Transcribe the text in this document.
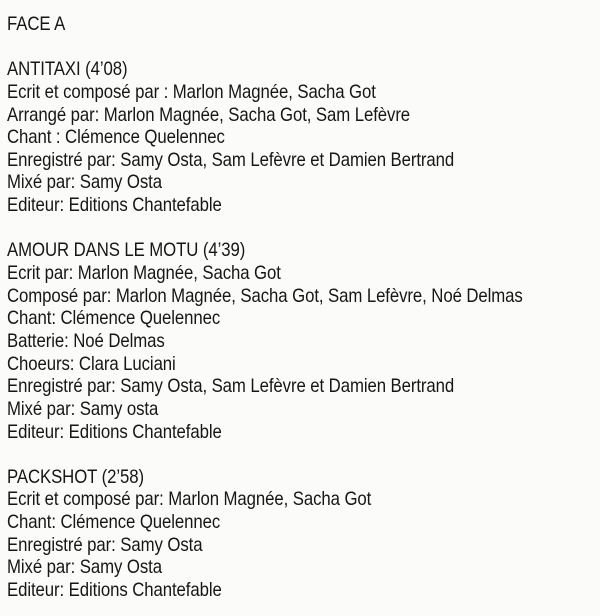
FACE A
ANTITAXI (4’08)
Ecrit et composé par : Marlon Magnée, Sacha Got
Arrangé par: Marlon Magnée, Sacha Got, Sam Lefèvre
Chant : Clémence Quelennec
Enregistré par: Samy Osta, Sam Lefèvre et Damien Bertrand
Mixé par: Samy Osta
Editeur: Editions Chantefable
AMOUR DANS LE MOTU (4’39)
Ecrit par: Marlon Magnée, Sacha Got
Composé par: Marlon Magnée, Sacha Got, Sam Lefèvre, Noé Delmas
Chant: Clémence Quelennec
Batterie: Noé Delmas
Choeurs: Clara Luciani
Enregistré par: Samy Osta, Sam Lefèvre et Damien Bertrand
Mixé par: Samy osta
Editeur: Editions Chantefable
PACKSHOT (2’58)
Ecrit et composé par: Marlon Magnée, Sacha Got
Chant: Clémence Quelennec
Enregistré par: Samy Osta
Mixé par: Samy Osta
Editeur: Editions Chantefable
